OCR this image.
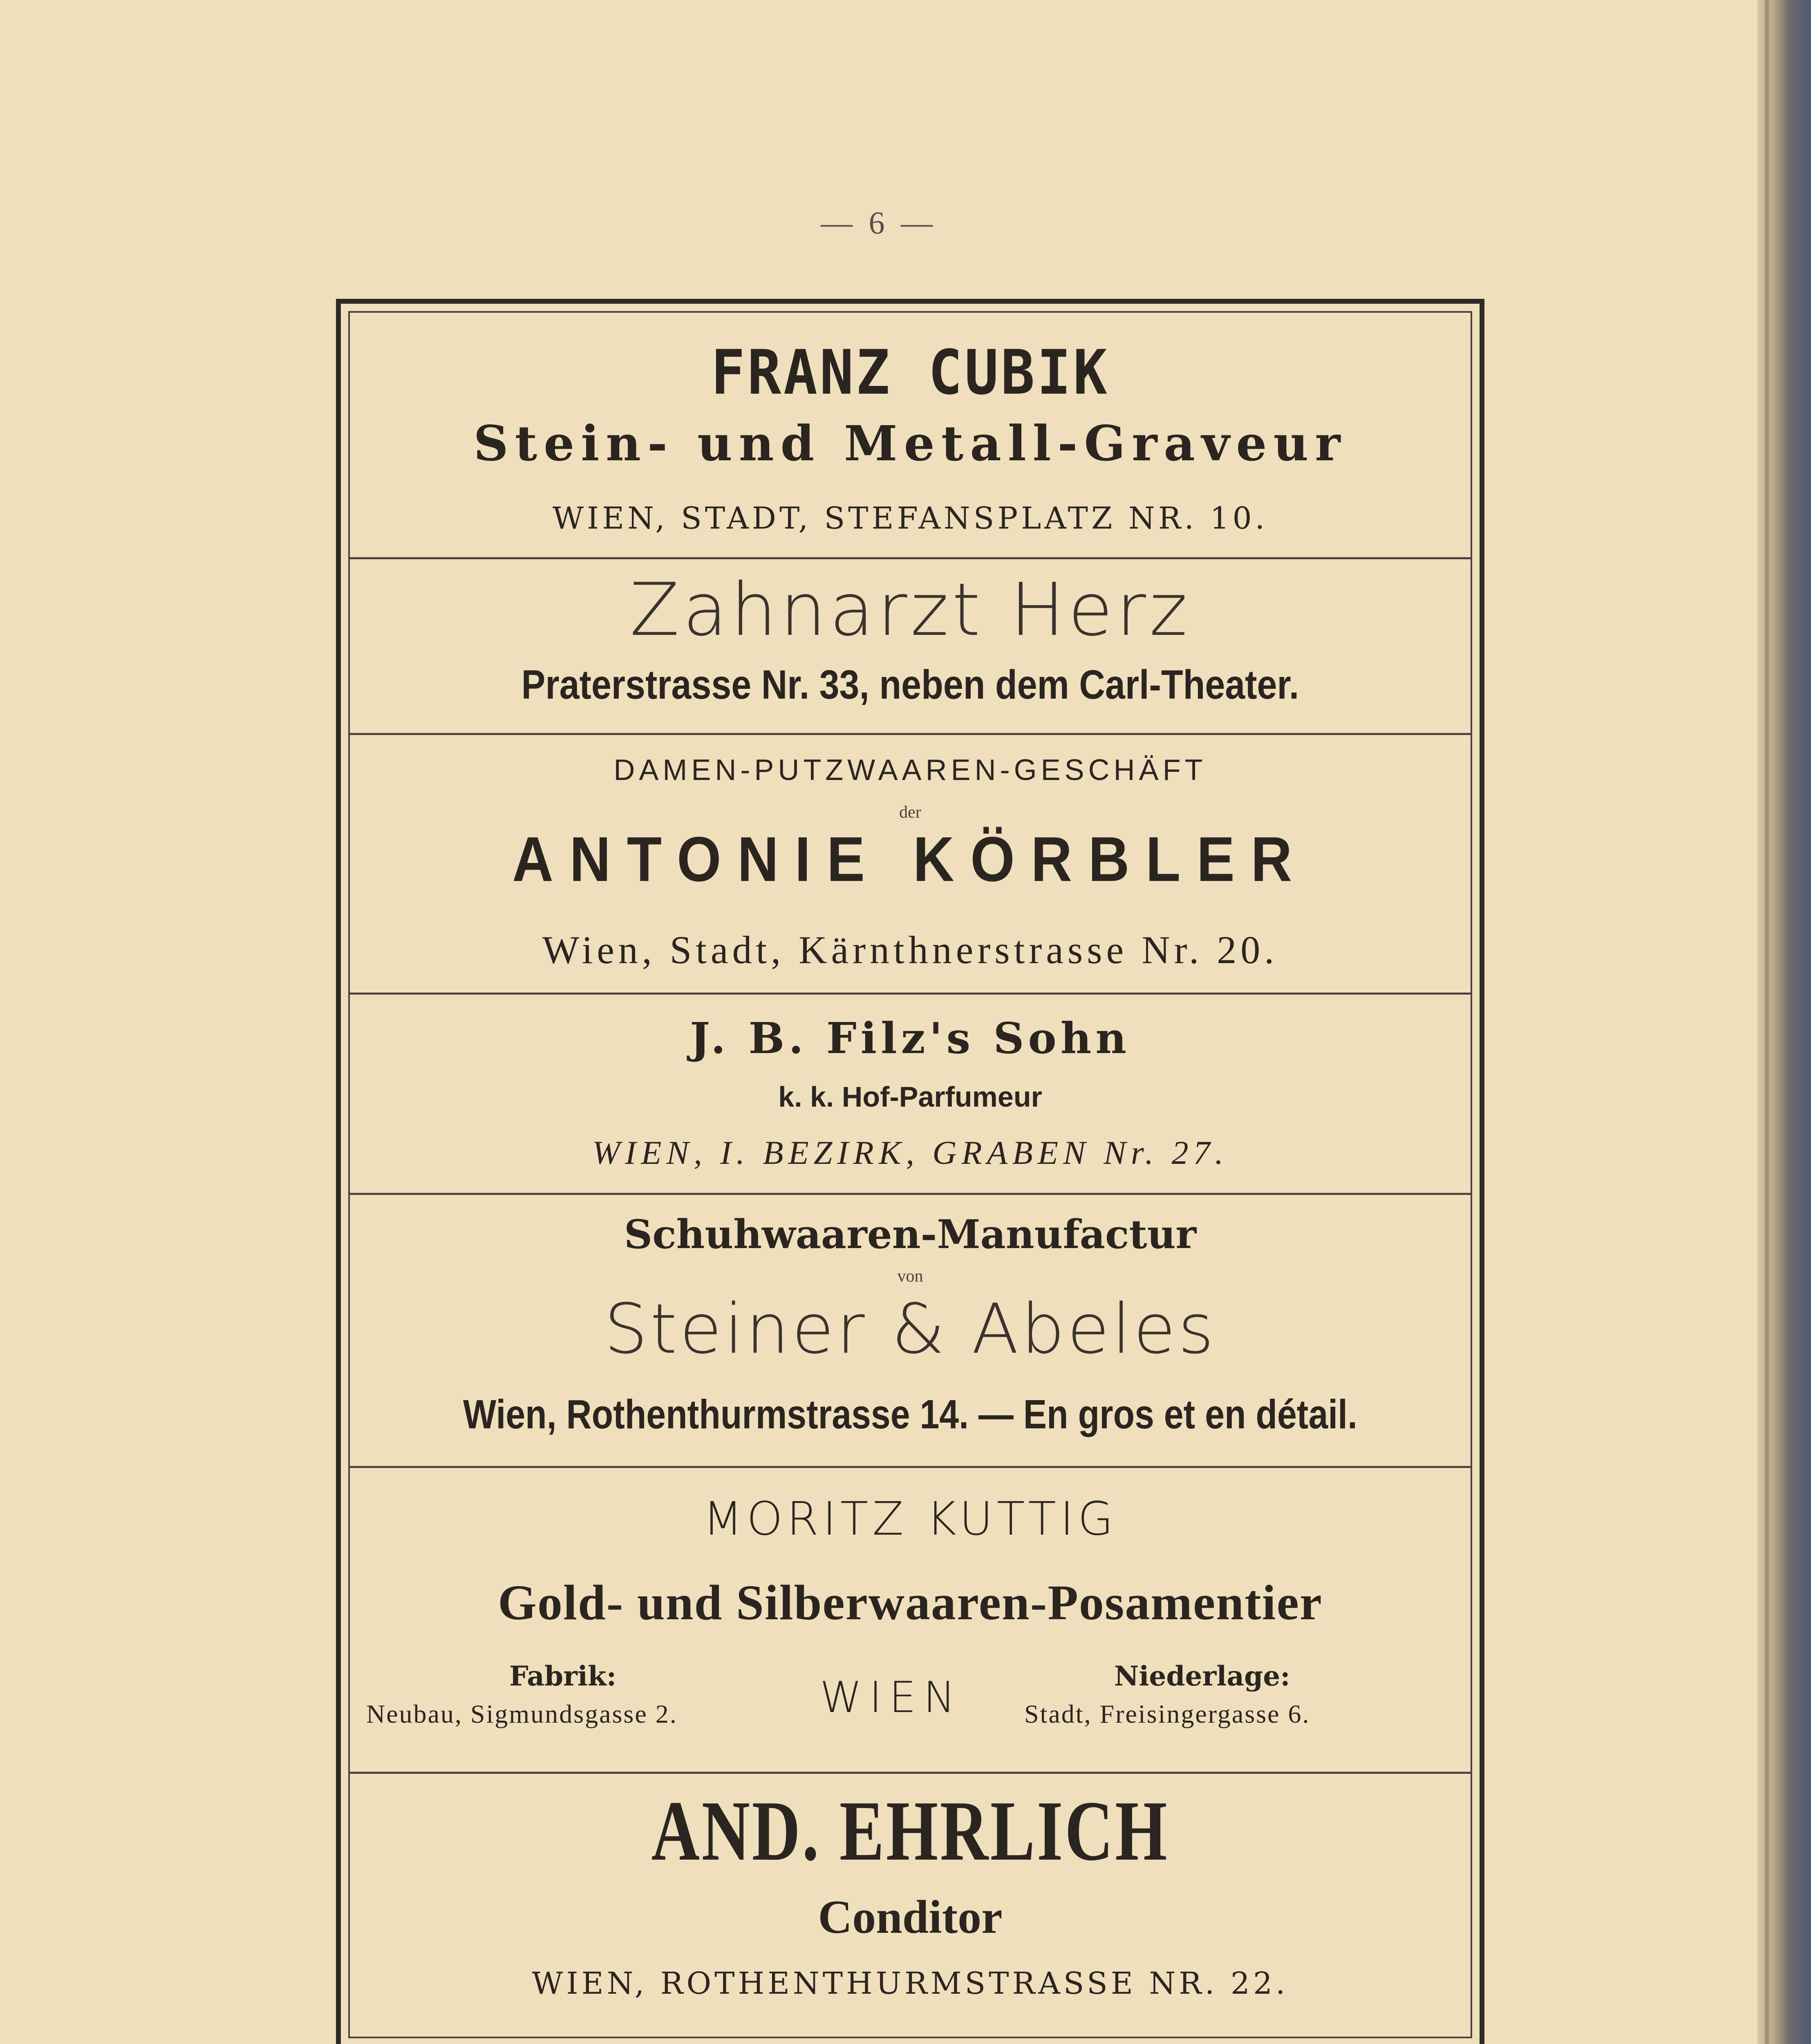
— 6 —
FRANZ CUBIK
Stein- und Metall-Graveur
WIEN, STADT, STEFANSPLATZ NR. 10.
Zahnarzt Herz
Praterstrasse Nr. 33, neben dem Carl-Theater.
DAMEN-PUTZWAAREN-GESCHÄFT
der
ANTONIE KÖRBLER
Wien, Stadt, Kärnthnerstrasse Nr. 20.
J. B. Filz's Sohn
k. k. Hof-Parfumeur
WIEN, I. BEZIRK, GRABEN Nr. 27.
Schuhwaaren-Manufactur
von
Steiner & Abeles
Wien, Rothenthurmstrasse 14. — En gros et en détail.
MORITZ KUTTIG
Gold- und Silberwaaren-Posamentier
Fabrik:
Neubau, Sigmundsgasse 2.	WIEN	Niederlage:
Stadt, Freisingergasse 6.
AND. EHRLICH
Conditor
WIEN, ROTHENTHURMSTRASSE NR. 22.
